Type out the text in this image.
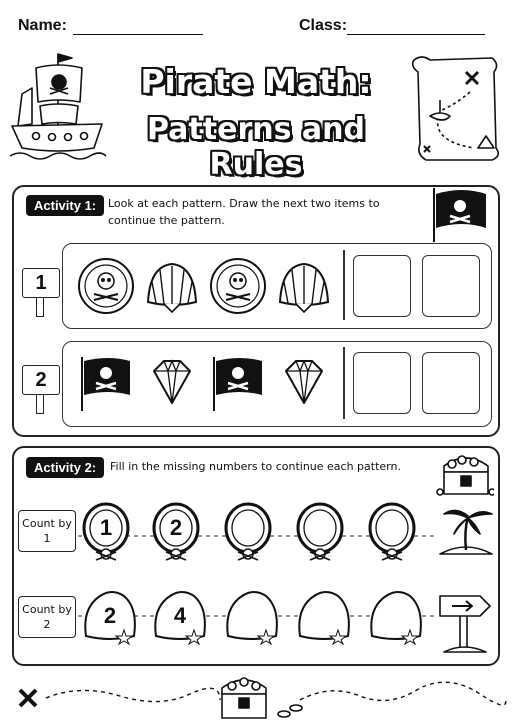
Name:	Class:
Pirate Math:
Patterns and Rules
Activity 1:	Look at each pattern. Draw the next two items to continue the pattern.
1
2
Activity 2:	Fill in the missing numbers to continue each pattern.
Count by 1	1	2
Count by 2	2	4
